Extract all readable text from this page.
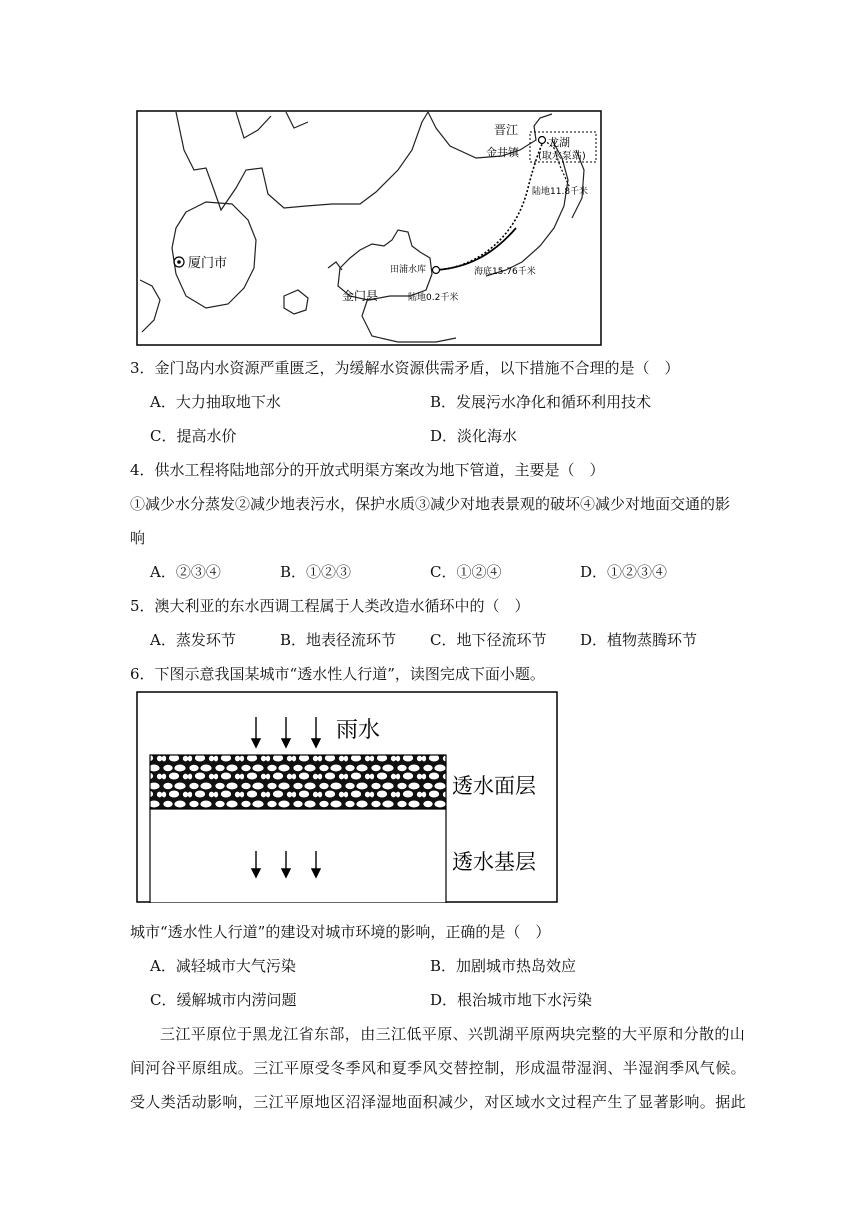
晋江
金井镇
龙湖
(取水泵站)
厦门市
金门县
田浦水库
陆地11.8千米
海底15.76千米
陆地0.2千米
3．金门岛内水资源严重匮乏，为缓解水资源供需矛盾，以下措施不合理的是（　）
A．大力抽取地下水	B．发展污水净化和循环利用技术
C．提高水价	D．淡化海水
4．供水工程将陆地部分的开放式明渠方案改为地下管道，主要是（　）
①减少水分蒸发②减少地表污水，保护水质③减少对地表景观的破坏④减少对地面交通的影
响
A．②③④	B．①②③	C．①②④	D．①②③④
5．澳大利亚的东水西调工程属于人类改造水循环中的（　）
A．蒸发环节	B．地表径流环节 C．地下径流环节 D．植物蒸腾环节
6．下图示意我国某城市“透水性人行道”，读图完成下面小题。
雨水
透水面层
透水基层
城市“透水性人行道”的建设对城市环境的影响，正确的是（　）
A．减轻城市大气污染	B．加剧城市热岛效应
C．缓解城市内涝问题	D．根治城市地下水污染
三江平原位于黑龙江省东部，由三江低平原、兴凯湖平原两块完整的大平原和分散的山
间河谷平原组成。三江平原受冬季风和夏季风交替控制，形成温带湿润、半湿润季风气候。
受人类活动影响，三江平原地区沼泽湿地面积减少，对区域水文过程产生了显著影响。据此
